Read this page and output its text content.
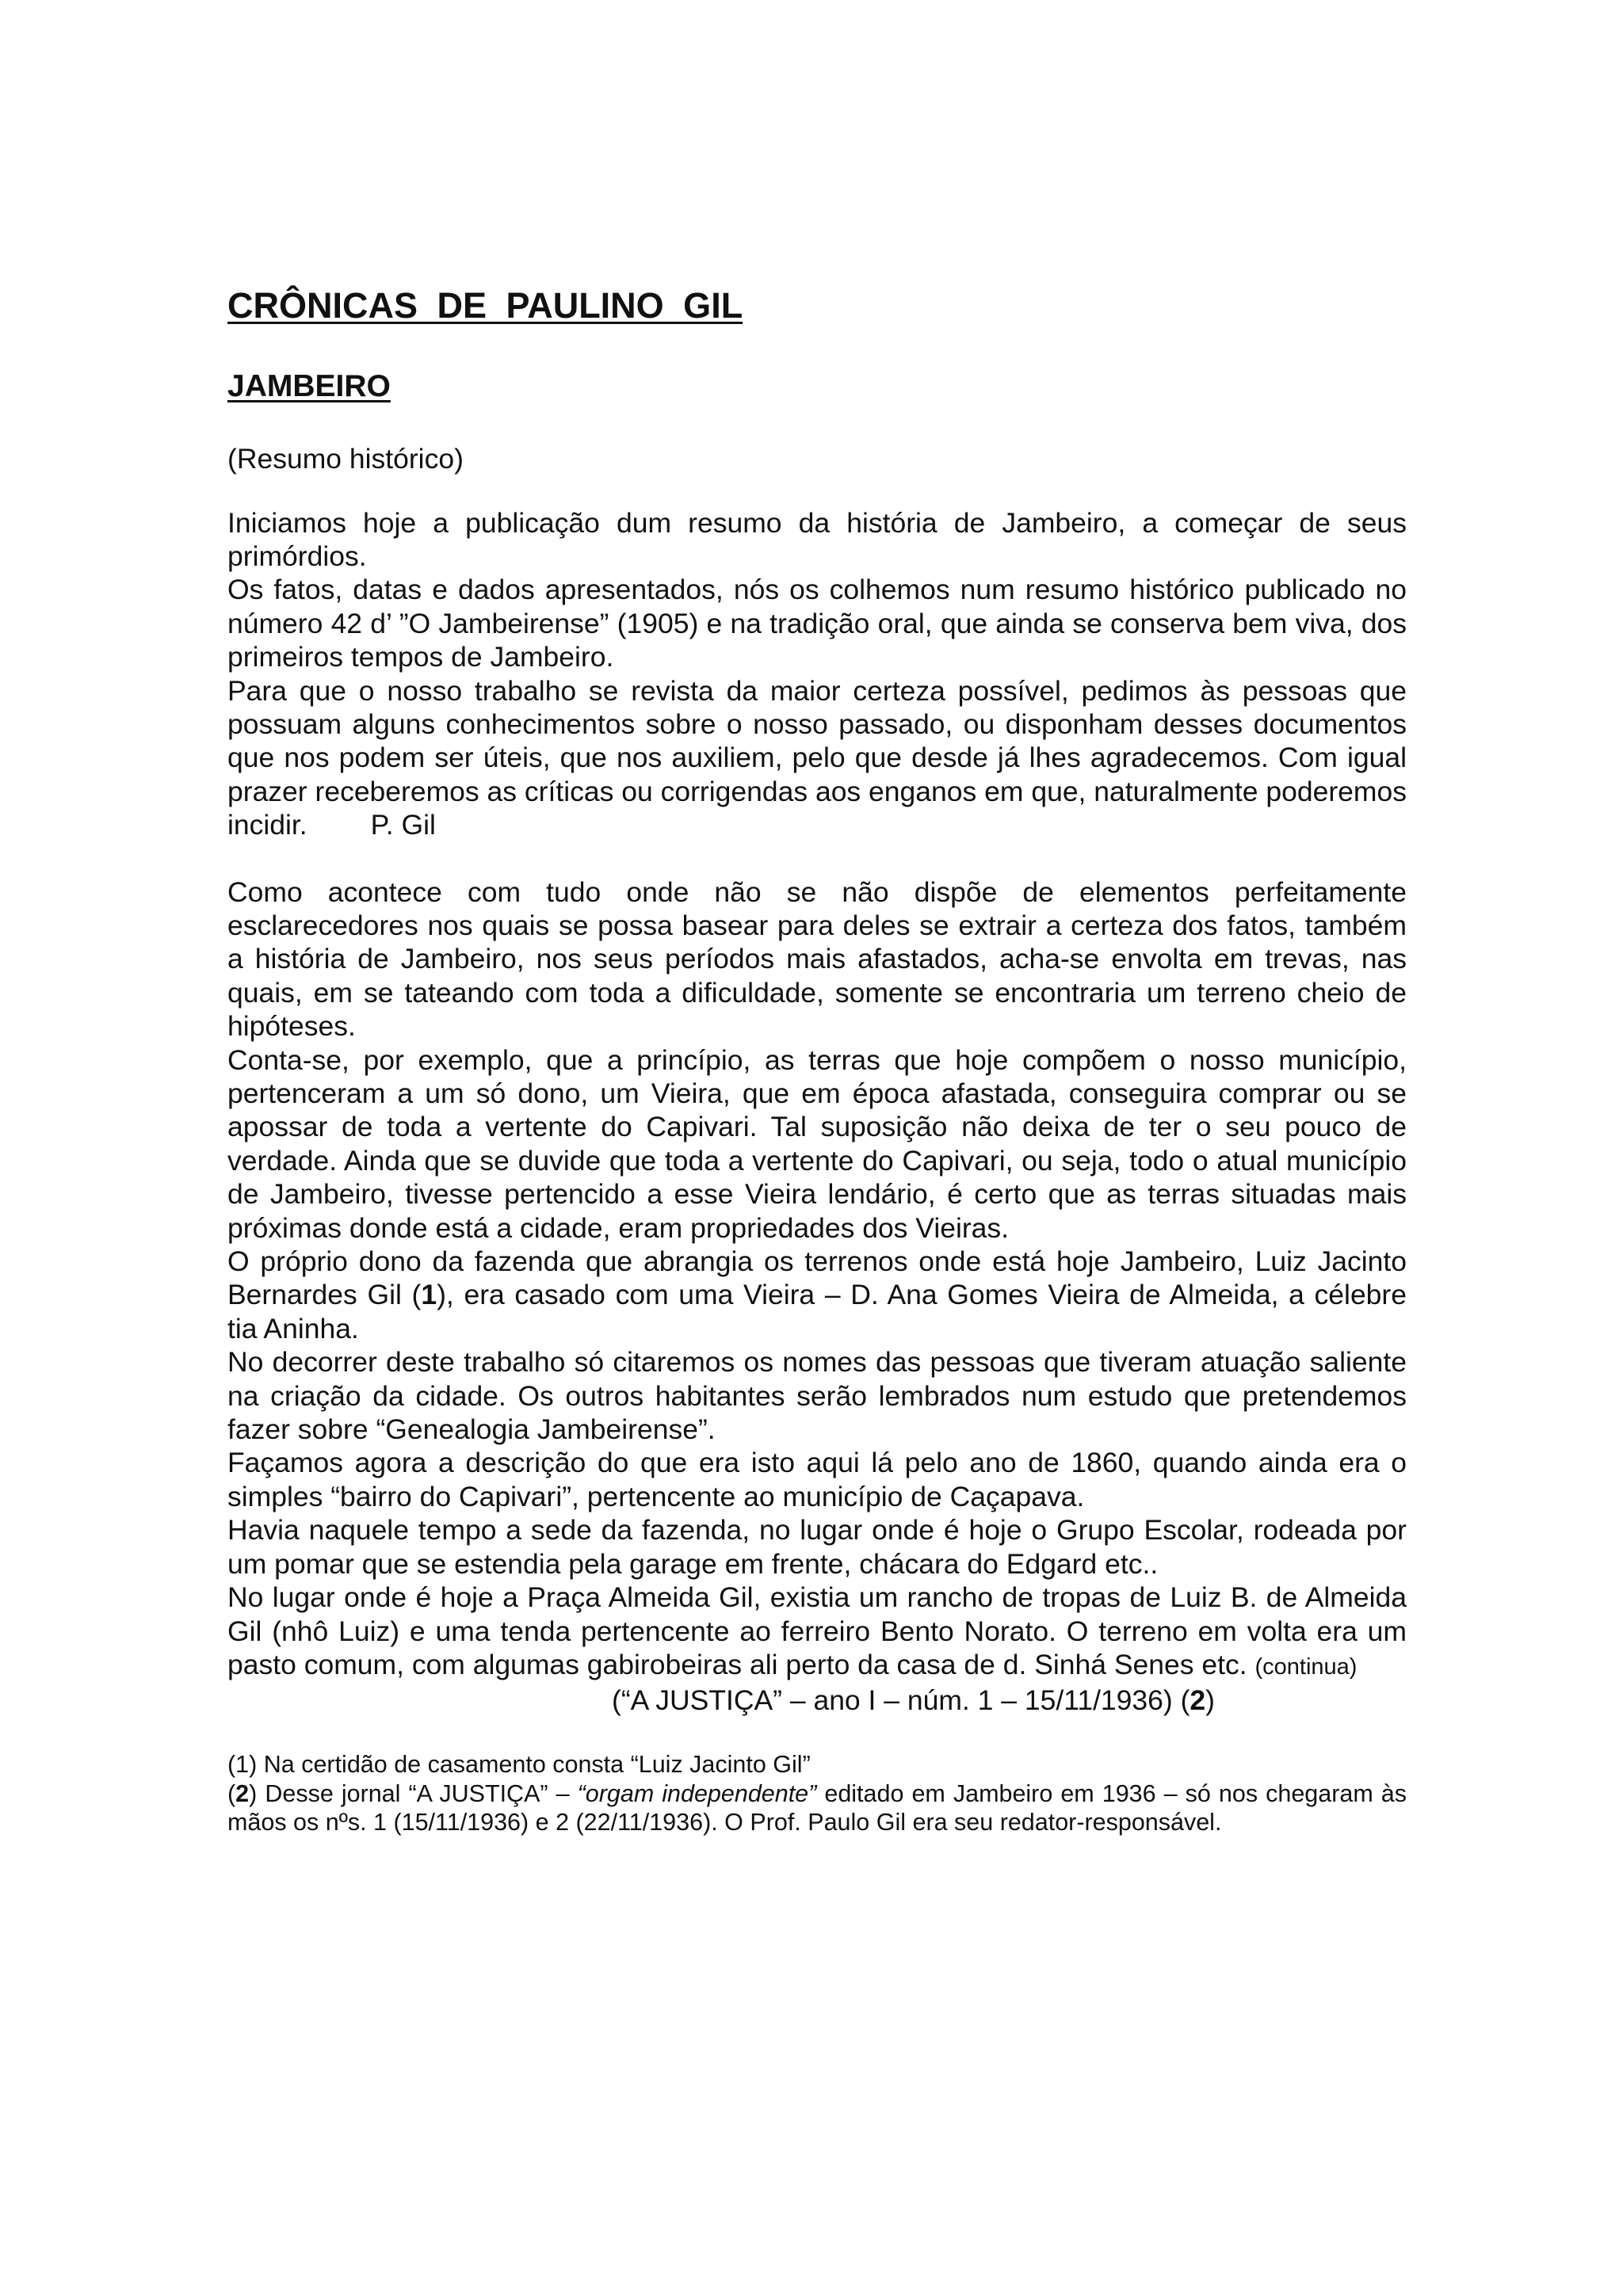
CRÔNICAS DE PAULINO GIL
JAMBEIRO

(Resumo histórico)

Iniciamos hoje a publicação dum resumo da história de Jambeiro, a começar de seus primórdios.

Os fatos, datas e dados apresentados, nós os colhemos num resumo histórico publicado no número 42 d’ ”O Jambeirense” (1905) e na tradição oral, que ainda se conserva bem viva, dos primeiros tempos de Jambeiro.

Para que o nosso trabalho se revista da maior certeza possível, pedimos às pessoas que possuam alguns conhecimentos sobre o nosso passado, ou disponham desses documentos que nos podem ser úteis, que nos auxiliem, pelo que desde já lhes agradecemos. Com igual prazer receberemos as críticas ou corrigendas aos enganos em que, naturalmente poderemos incidir. P. Gil

Como acontece com tudo onde não se não dispõe de elementos perfeitamente esclarecedores nos quais se possa basear para deles se extrair a certeza dos fatos, também a história de Jambeiro, nos seus períodos mais afastados, acha-se envolta em trevas, nas quais, em se tateando com toda a dificuldade, somente se encontraria um terreno cheio de hipóteses.

Conta-se, por exemplo, que a princípio, as terras que hoje compõem o nosso município, pertenceram a um só dono, um Vieira, que em época afastada, conseguira comprar ou se apossar de toda a vertente do Capivari. Tal suposição não deixa de ter o seu pouco de verdade. Ainda que se duvide que toda a vertente do Capivari, ou seja, todo o atual município de Jambeiro, tivesse pertencido a esse Vieira lendário, é certo que as terras situadas mais próximas donde está a cidade, eram propriedades dos Vieiras.

O próprio dono da fazenda que abrangia os terrenos onde está hoje Jambeiro, Luiz Jacinto Bernardes Gil (1), era casado com uma Vieira – D. Ana Gomes Vieira de Almeida, a célebre tia Aninha.

No decorrer deste trabalho só citaremos os nomes das pessoas que tiveram atuação saliente na criação da cidade. Os outros habitantes serão lembrados num estudo que pretendemos fazer sobre “Genealogia Jambeirense”.

Façamos agora a descrição do que era isto aqui lá pelo ano de 1860, quando ainda era o simples “bairro do Capivari”, pertencente ao município de Caçapava.

Havia naquele tempo a sede da fazenda, no lugar onde é hoje o Grupo Escolar, rodeada por um pomar que se estendia pela garage em frente, chácara do Edgard etc..

No lugar onde é hoje a Praça Almeida Gil, existia um rancho de tropas de Luiz B. de Almeida Gil (nhô Luiz) e uma tenda pertencente ao ferreiro Bento Norato. O terreno em volta era um pasto comum, com algumas gabirobeiras ali perto da casa de d. Sinhá Senes etc. (continua)

(“A JUSTIÇA” – ano I – núm. 1 – 15/11/1936) (2)

(1) Na certidão de casamento consta “Luiz Jacinto Gil”

(2) Desse jornal “A JUSTIÇA” – “orgam independente” editado em Jambeiro em 1936 – só nos chegaram às mãos os nºs. 1 (15/11/1936) e 2 (22/11/1936). O Prof. Paulo Gil era seu redator-responsável.
